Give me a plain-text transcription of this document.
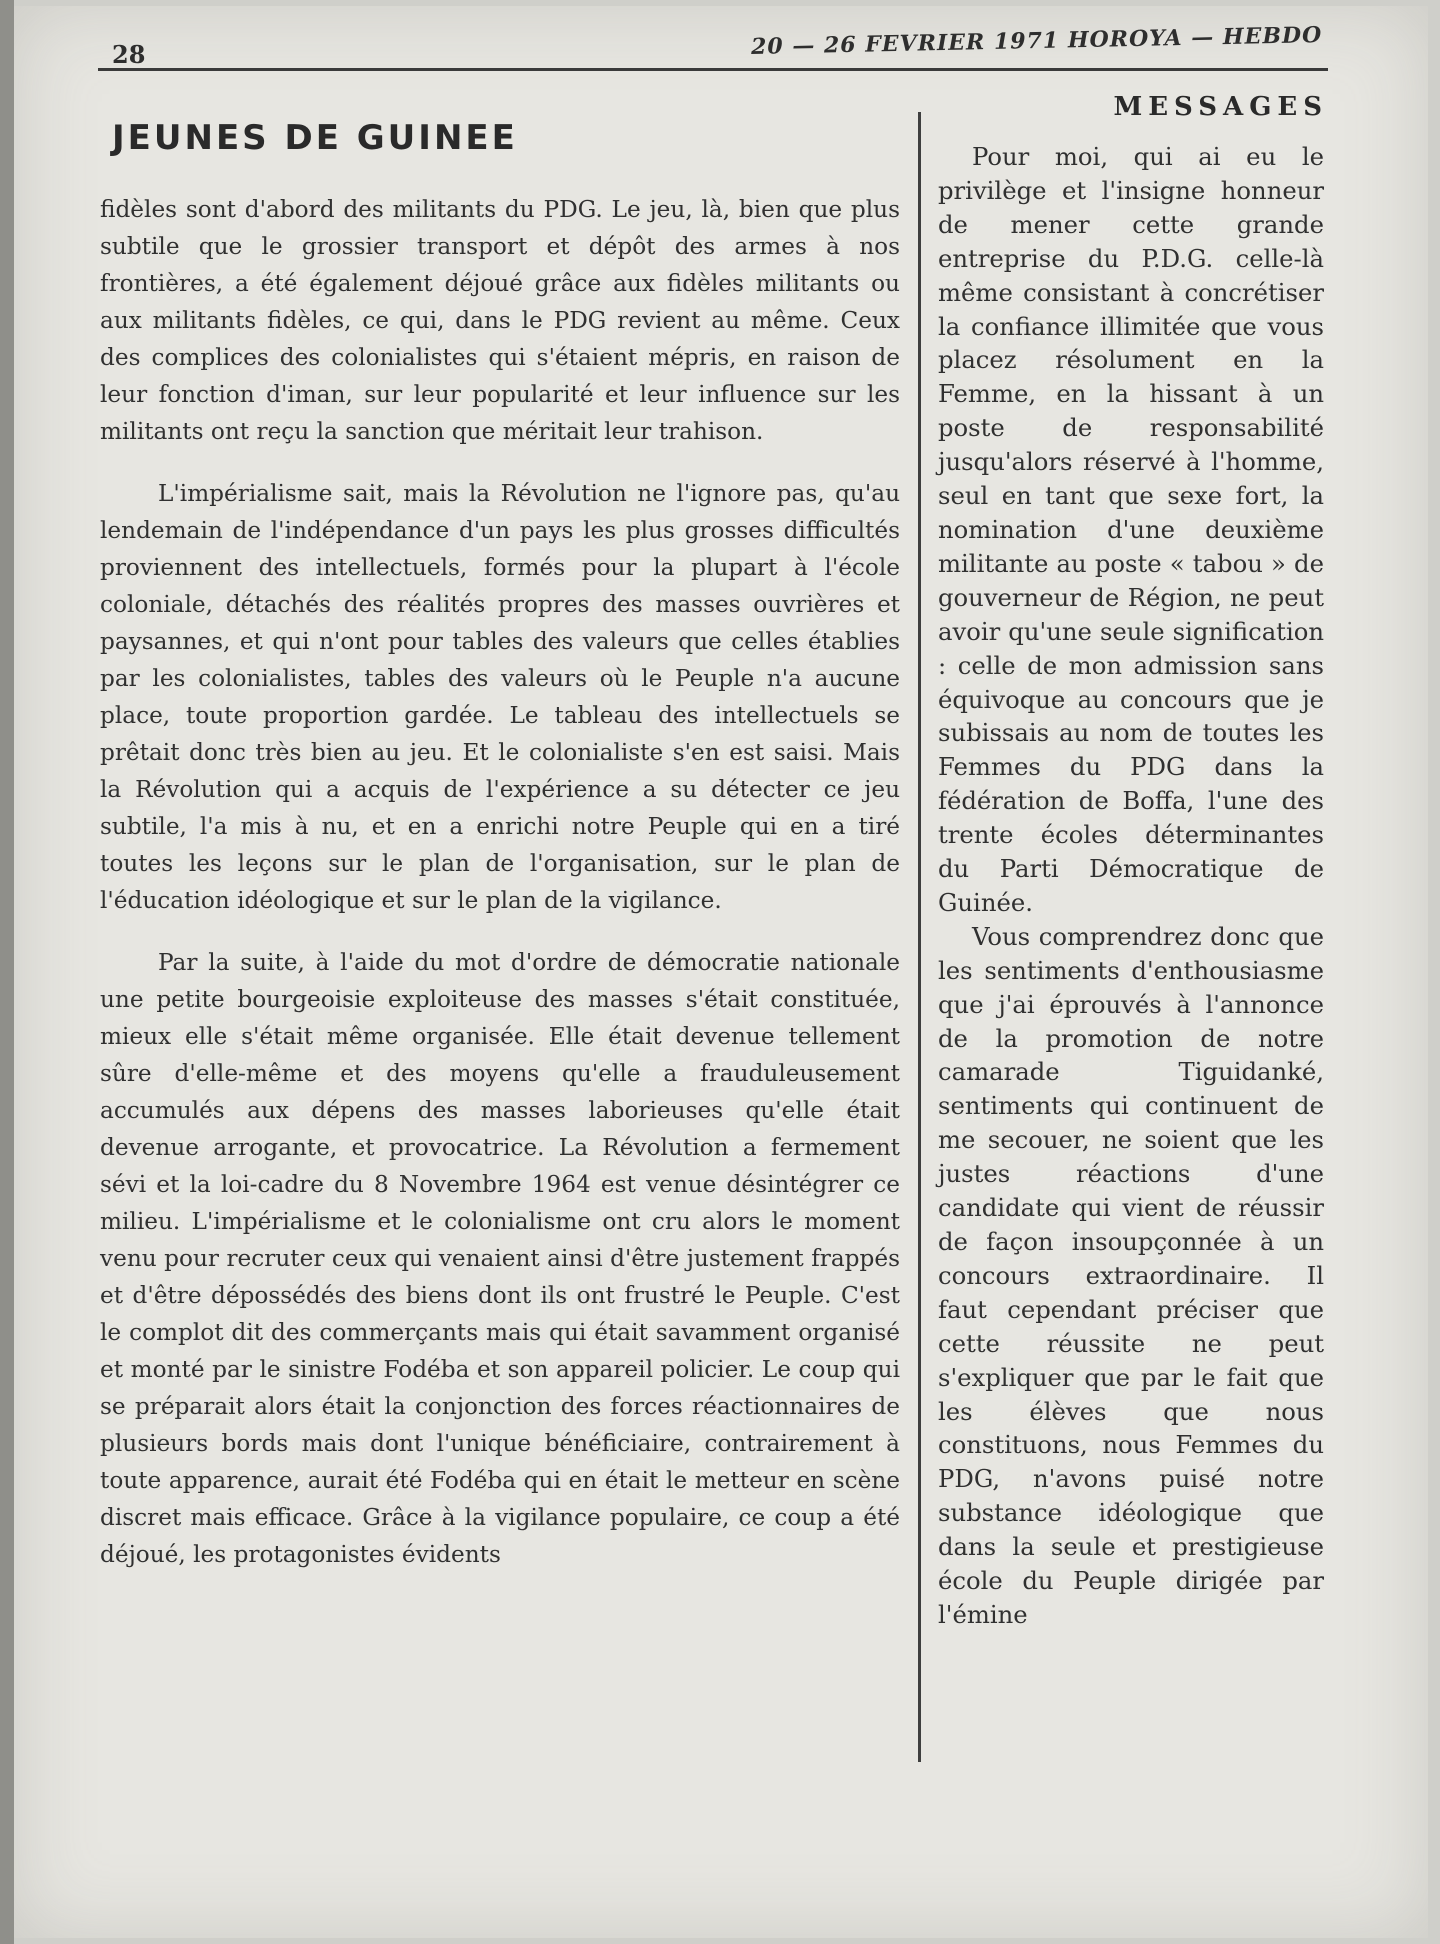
28	20 — 26 FEVRIER 1971 HOROYA — HEBDO
JEUNES DE GUINEE
MESSAGES

fidèles sont d'abord des militants du PDG. Le jeu, là, bien que plus subtile que le grossier transport et dépôt des armes à nos frontières, a été également déjoué grâce aux fidèles militants ou aux militants fidèles, ce qui, dans le PDG revient au même. Ceux des complices des colonialistes qui s'étaient mépris, en raison de leur fonction d'iman, sur leur popularité et leur influence sur les militants ont reçu la sanction que méritait leur trahison.

L'impérialisme sait, mais la Révolution ne l'ignore pas, qu'au lendemain de l'indépendance d'un pays les plus grosses difficultés proviennent des intellectuels, formés pour la plupart à l'école coloniale, détachés des réalités propres des masses ouvrières et paysannes, et qui n'ont pour tables des valeurs que celles établies par les colonialistes, tables des valeurs où le Peuple n'a aucune place, toute proportion gardée. Le tableau des intellectuels se prêtait donc très bien au jeu. Et le colonialiste s'en est saisi. Mais la Révolution qui a acquis de l'expérience a su détecter ce jeu subtile, l'a mis à nu, et en a enrichi notre Peuple qui en a tiré toutes les leçons sur le plan de l'organisation, sur le plan de l'éducation idéologique et sur le plan de la vigilance.

Par la suite, à l'aide du mot d'ordre de démocratie nationale une petite bourgeoisie exploiteuse des masses s'était constituée, mieux elle s'était même organisée. Elle était devenue tellement sûre d'elle-même et des moyens qu'elle a frauduleusement accumulés aux dépens des masses laborieuses qu'elle était devenue arrogante, et provocatrice. La Révolution a fermement sévi et la loi-cadre du 8 Novembre 1964 est venue désintégrer ce milieu. L'impérialisme et le colonialisme ont cru alors le moment venu pour recruter ceux qui venaient ainsi d'être justement frappés et d'être dépossédés des biens dont ils ont frustré le Peuple. C'est le complot dit des commerçants mais qui était savamment organisé et monté par le sinistre Fodéba et son appareil policier. Le coup qui se préparait alors était la conjonction des forces réactionnaires de plusieurs bords mais dont l'unique bénéficiaire, contrairement à toute apparence, aurait été Fodéba qui en était le metteur en scène discret mais efficace. Grâce à la vigilance populaire, ce coup a été déjoué, les protagonistes évidents

Pour moi, qui ai eu le privilège et l'insigne honneur de mener cette grande entreprise du P.D.G. celle-là même consistant à concrétiser la confiance illimitée que vous placez résolument en la Femme, en la hissant à un poste de responsabilité jusqu'alors réservé à l'homme, seul en tant que sexe fort, la nomination d'une deuxième militante au poste « tabou » de gouverneur de Région, ne peut avoir qu'une seule signification : celle de mon admission sans équivoque au concours que je subissais au nom de toutes les Femmes du PDG dans la fédération de Boffa, l'une des trente écoles déterminantes du Parti Démocratique de Guinée.

Vous comprendrez donc que les sentiments d'enthousiasme que j'ai éprouvés à l'annonce de la promotion de notre camarade Tiguidanké, sentiments qui continuent de me secouer, ne soient que les justes réactions d'une candidate qui vient de réussir de façon insoupçonnée à un concours extraordinaire. Il faut cependant préciser que cette réussite ne peut s'expliquer que par le fait que les élèves que nous constituons, nous Femmes du PDG, n'avons puisé notre substance idéologique que dans la seule et prestigieuse école du Peuple dirigée par l'émine
